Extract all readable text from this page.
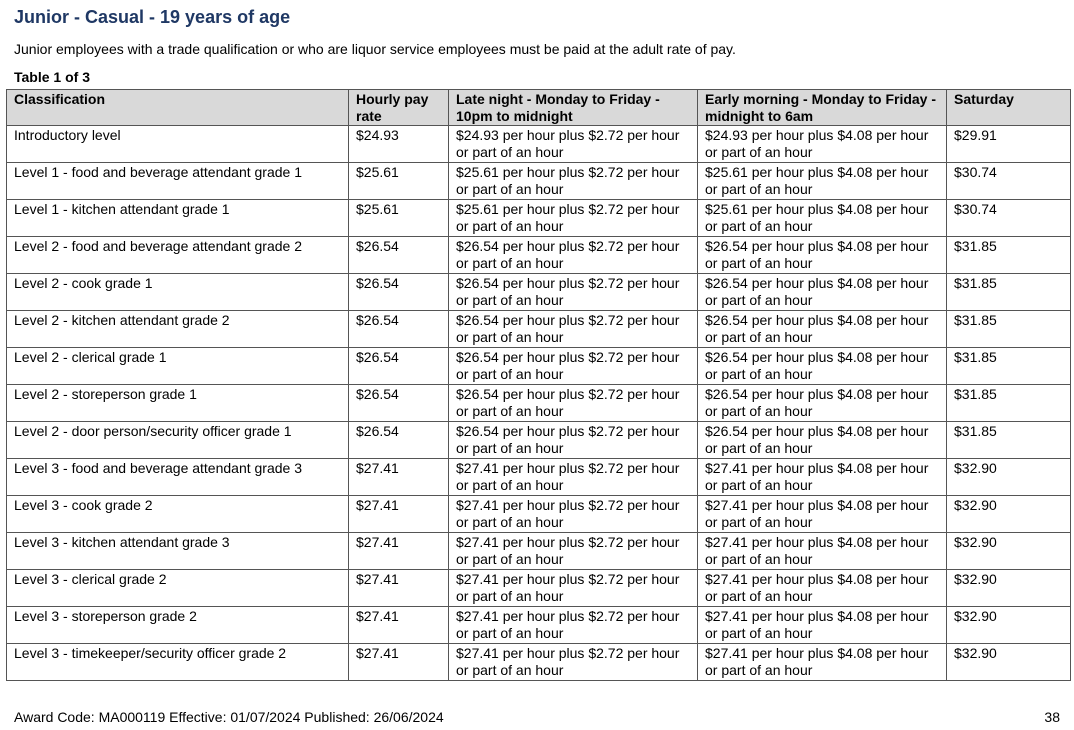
Junior - Casual - 19 years of age
Junior employees with a trade qualification or who are liquor service employees must be paid at the adult rate of pay.
Table 1 of 3
Classification	Hourly pay rate	Late night - Monday to Friday - 10pm to midnight	Early morning - Monday to Friday - midnight to 6am	Saturday
Introductory level	$24.93	$24.93 per hour plus $2.72 per hour or part of an hour	$24.93 per hour plus $4.08 per hour or part of an hour	$29.91
Level 1 - food and beverage attendant grade 1	$25.61	$25.61 per hour plus $2.72 per hour or part of an hour	$25.61 per hour plus $4.08 per hour or part of an hour	$30.74
Level 1 - kitchen attendant grade 1	$25.61	$25.61 per hour plus $2.72 per hour or part of an hour	$25.61 per hour plus $4.08 per hour or part of an hour	$30.74
Level 2 - food and beverage attendant grade 2	$26.54	$26.54 per hour plus $2.72 per hour or part of an hour	$26.54 per hour plus $4.08 per hour or part of an hour	$31.85
Level 2 - cook grade 1	$26.54	$26.54 per hour plus $2.72 per hour or part of an hour	$26.54 per hour plus $4.08 per hour or part of an hour	$31.85
Level 2 - kitchen attendant grade 2	$26.54	$26.54 per hour plus $2.72 per hour or part of an hour	$26.54 per hour plus $4.08 per hour or part of an hour	$31.85
Level 2 - clerical grade 1	$26.54	$26.54 per hour plus $2.72 per hour or part of an hour	$26.54 per hour plus $4.08 per hour or part of an hour	$31.85
Level 2 - storeperson grade 1	$26.54	$26.54 per hour plus $2.72 per hour or part of an hour	$26.54 per hour plus $4.08 per hour or part of an hour	$31.85
Level 2 - door person/security officer grade 1	$26.54	$26.54 per hour plus $2.72 per hour or part of an hour	$26.54 per hour plus $4.08 per hour or part of an hour	$31.85
Level 3 - food and beverage attendant grade 3	$27.41	$27.41 per hour plus $2.72 per hour or part of an hour	$27.41 per hour plus $4.08 per hour or part of an hour	$32.90
Level 3 - cook grade 2	$27.41	$27.41 per hour plus $2.72 per hour or part of an hour	$27.41 per hour plus $4.08 per hour or part of an hour	$32.90
Level 3 - kitchen attendant grade 3	$27.41	$27.41 per hour plus $2.72 per hour or part of an hour	$27.41 per hour plus $4.08 per hour or part of an hour	$32.90
Level 3 - clerical grade 2	$27.41	$27.41 per hour plus $2.72 per hour or part of an hour	$27.41 per hour plus $4.08 per hour or part of an hour	$32.90
Level 3 - storeperson grade 2	$27.41	$27.41 per hour plus $2.72 per hour or part of an hour	$27.41 per hour plus $4.08 per hour or part of an hour	$32.90
Level 3 - timekeeper/security officer grade 2	$27.41	$27.41 per hour plus $2.72 per hour or part of an hour	$27.41 per hour plus $4.08 per hour or part of an hour	$32.90
Award Code: MA000119 Effective: 01/07/2024 Published: 26/06/2024	38
